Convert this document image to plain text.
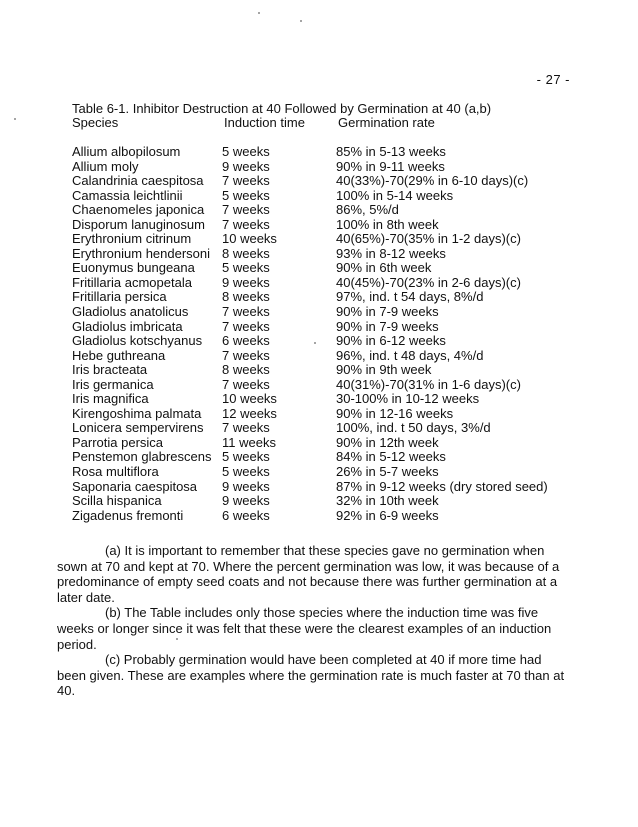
- 27 -
Table 6-1. Inhibitor Destruction at 40 Followed by Germination at 40 (a,b)
Species	Induction time	Germination rate
Allium albopilosum	5 weeks	85% in 5-13 weeks
Allium moly	9 weeks	90% in 9-11 weeks
Calandrinia caespitosa 7 weeks	40(33%)-70(29% in 6-10 days)(c)
Camassia leichtlinii	5 weeks	100% in 5-14 weeks
Chaenomeles japonica 7 weeks	86%, 5%/d
Disporum lanuginosum 7 weeks	100% in 8th week
Erythronium citrinum 10 weeks	40(65%)-70(35% in 1-2 days)(c)
Erythronium hendersoni 8 weeks	93% in 8-12 weeks
Euonymus bungeana 5 weeks	90% in 6th week
Fritillaria acmopetala 9 weeks	40(45%)-70(23% in 2-6 days)(c)
Fritillaria persica	8 weeks	97%, ind. t 54 days, 8%/d
Gladiolus anatolicus	7 weeks	90% in 7-9 weeks
Gladiolus imbricata	7 weeks	90% in 7-9 weeks
Gladiolus kotschyanus 6 weeks	90% in 6-12 weeks
Hebe guthreana	7 weeks	96%, ind. t 48 days, 4%/d
Iris bracteata	8 weeks	90% in 9th week
Iris germanica	7 weeks	40(31%)-70(31% in 1-6 days)(c)
Iris magnifica	10 weeks	30-100% in 10-12 weeks
Kirengoshima palmata 12 weeks	90% in 12-16 weeks
Lonicera sempervirens 7 weeks	100%, ind. t 50 days, 3%/d
Parrotia persica	11 weeks	90% in 12th week
Penstemon glabrescens 5 weeks	84% in 5-12 weeks
Rosa multiflora	5 weeks	26% in 5-7 weeks
Saponaria caespitosa 9 weeks	87% in 9-12 weeks (dry stored seed)
Scilla hispanica	9 weeks	32% in 10th week
Zigadenus fremonti	6 weeks	92% in 6-9 weeks

(a) It is important to remember that these species gave no germination when sown at 70 and kept at 70. Where the percent germination was low, it was because of a predominance of empty seed coats and not because there was further germination at a later date.

(b) The Table includes only those species where the induction time was five weeks or longer since it was felt that these were the clearest examples of an induction period.

(c) Probably germination would have been completed at 40 if more time had been given. These are examples where the germination rate is much faster at 70 than at 40.
